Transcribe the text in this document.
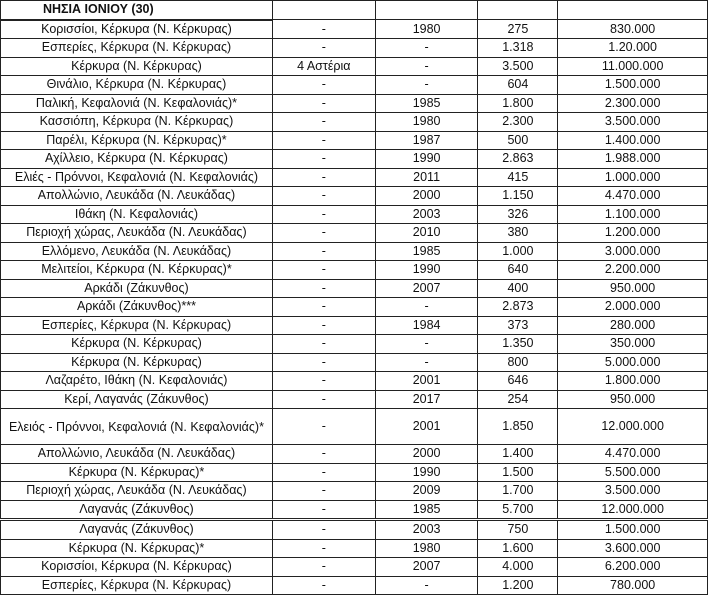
ΝΗΣΙΑ ΙΟΝΙΟΥ (30)				
Κορισσίοι, Κέρκυρα (Ν. Κέρκυρας)	-	1980	275	830.000
Εσπερίες, Κέρκυρα (Ν. Κέρκυρας)	-	-	1.318	1.20.000
Κέρκυρα (Ν. Κέρκυρας)	4 Αστέρια	-	3.500	11.000.000
Θινάλιο, Κέρκυρα (Ν. Κέρκυρας)	-	-	604	1.500.000
Παλική, Κεφαλονιά (Ν. Κεφαλονιάς)*	-	1985	1.800	2.300.000
Κασσιόπη, Κέρκυρα (Ν. Κέρκυρας)	-	1980	2.300	3.500.000
Παρέλι, Κέρκυρα (Ν. Κέρκυρας)*	-	1987	500	1.400.000
Αχίλλειο, Κέρκυρα (Ν. Κέρκυρας)	-	1990	2.863	1.988.000
Ελιές - Πρόννοι, Κεφαλονιά (Ν. Κεφαλονιάς)	-	2011	415	1.000.000
Απολλώνιο, Λευκάδα (Ν. Λευκάδας)	-	2000	1.150	4.470.000
Ιθάκη (Ν. Κεφαλονιάς)	-	2003	326	1.100.000
Περιοχή χώρας, Λευκάδα (Ν. Λευκάδας)	-	2010	380	1.200.000
Ελλόμενο, Λευκάδα (Ν. Λευκάδας)	-	1985	1.000	3.000.000
Μελιτείοι, Κέρκυρα (Ν. Κέρκυρας)*	-	1990	640	2.200.000
Αρκάδι (Ζάκυνθος)	-	2007	400	950.000
Αρκάδι (Ζάκυνθος)***	-	-	2.873	2.000.000
Εσπερίες, Κέρκυρα (Ν. Κέρκυρας)	-	1984	373	280.000
Κέρκυρα (Ν. Κέρκυρας)	-	-	1.350	350.000
Κέρκυρα (Ν. Κέρκυρας)	-	-	800	5.000.000
Λαζαρέτο, Ιθάκη (Ν. Κεφαλονιάς)	-	2001	646	1.800.000
Κερί, Λαγανάς (Ζάκυνθος)	-	2017	254	950.000
Ελειός - Πρόννοι, Κεφαλονιά (Ν. Κεφαλονιάς)*	-	2001	1.850	12.000.000
Απολλώνιο, Λευκάδα (Ν. Λευκάδας)	-	2000	1.400	4.470.000
Κέρκυρα (Ν. Κέρκυρας)*	-	1990	1.500	5.500.000
Περιοχή χώρας, Λευκάδα (Ν. Λευκάδας)	-	2009	1.700	3.500.000
Λαγανάς (Ζάκυνθος)	-	1985	5.700	12.000.000
Λαγανάς (Ζάκυνθος)	-	2003	750	1.500.000
Κέρκυρα (Ν. Κέρκυρας)*	-	1980	1.600	3.600.000
Κορισσίοι, Κέρκυρα (Ν. Κέρκυρας)	-	2007	4.000	6.200.000
Εσπερίες, Κέρκυρα (Ν. Κέρκυρας)	-	-	1.200	780.000
